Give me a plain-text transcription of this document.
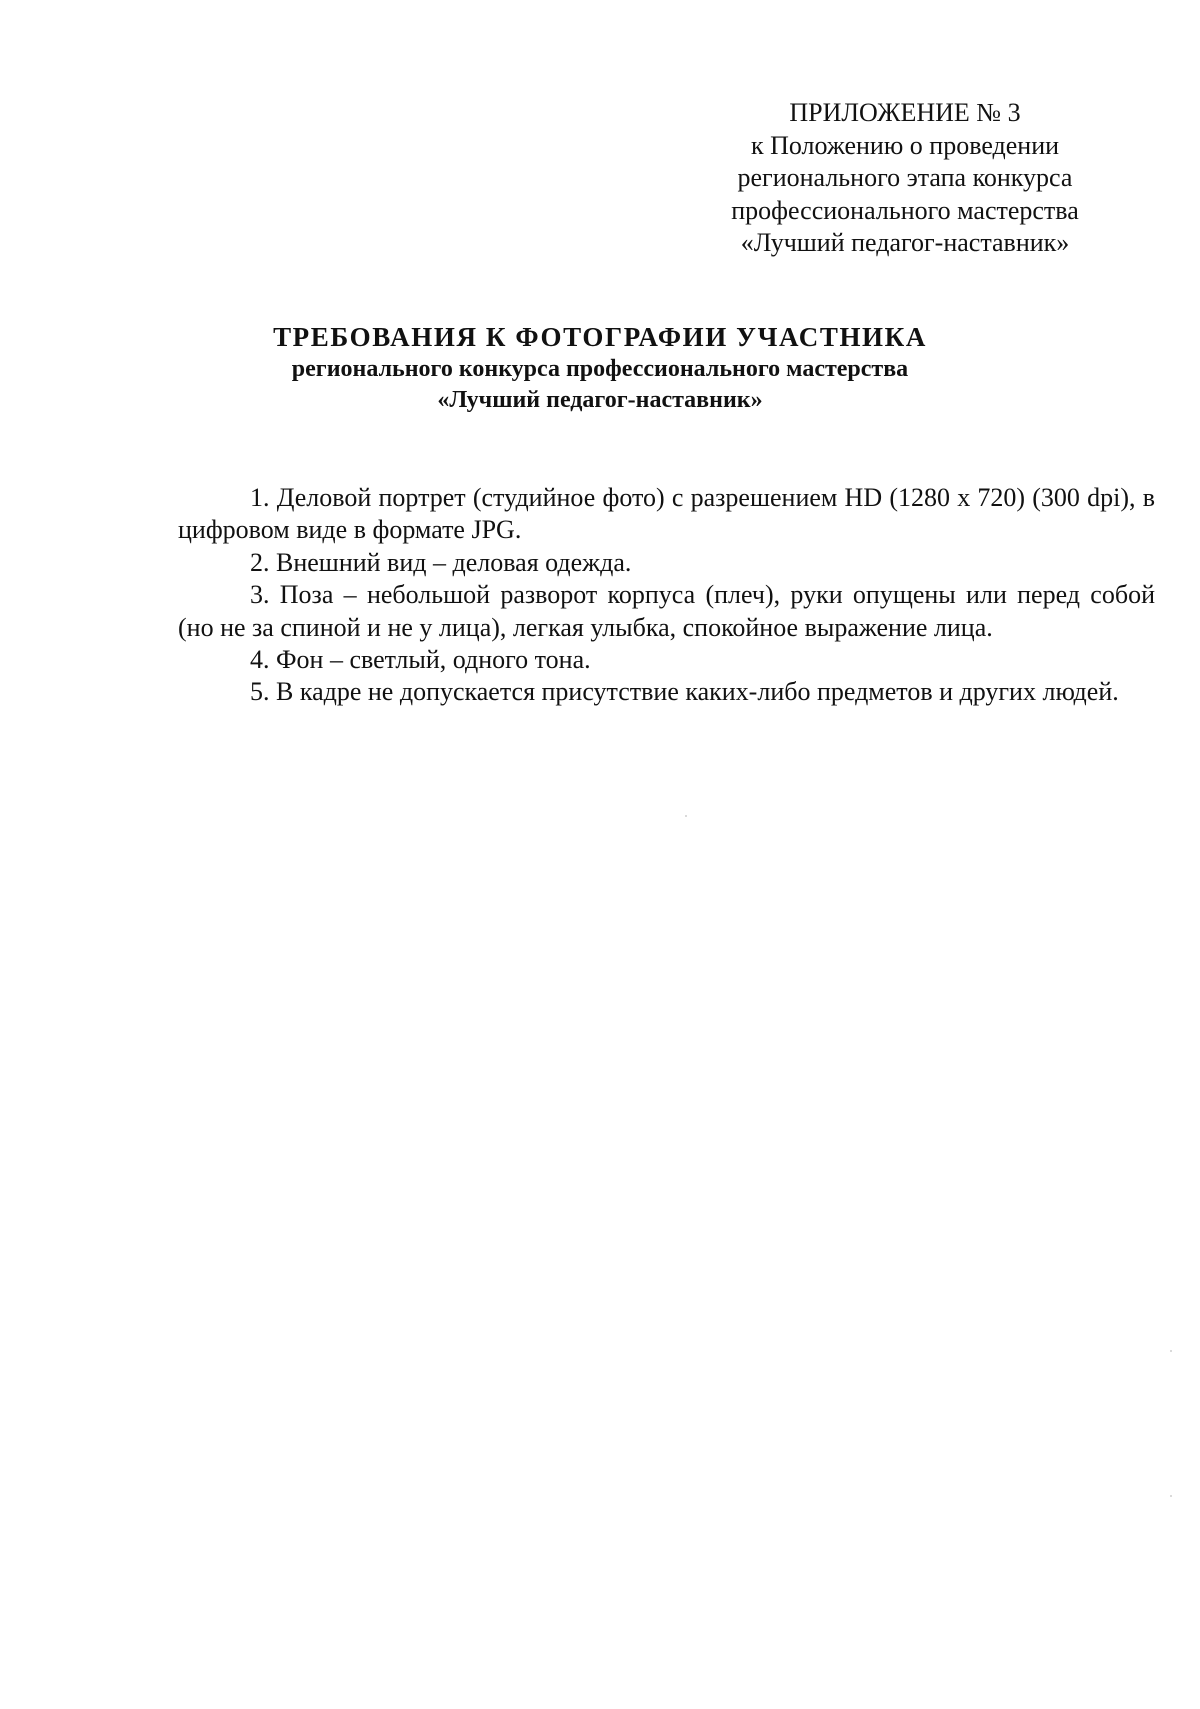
ПРИЛОЖЕНИЕ № 3
к Положению о проведении
регионального этапа конкурса
профессионального мастерства
«Лучший педагог-наставник»
ТРЕБОВАНИЯ К ФОТОГРАФИИ УЧАСТНИКА
регионального конкурса профессионального мастерства
«Лучший педагог-наставник»

1. Деловой портрет (студийное фото) с разрешением HD (1280 x 720) (300 dpi), в цифровом виде в формате JPG.

2. Внешний вид – деловая одежда.

3. Поза – небольшой разворот корпуса (плеч), руки опущены или перед собой (но не за спиной и не у лица), легкая улыбка, спокойное выражение лица.

4. Фон – светлый, одного тона.

5. В кадре не допускается присутствие каких-либо предметов и других людей.
